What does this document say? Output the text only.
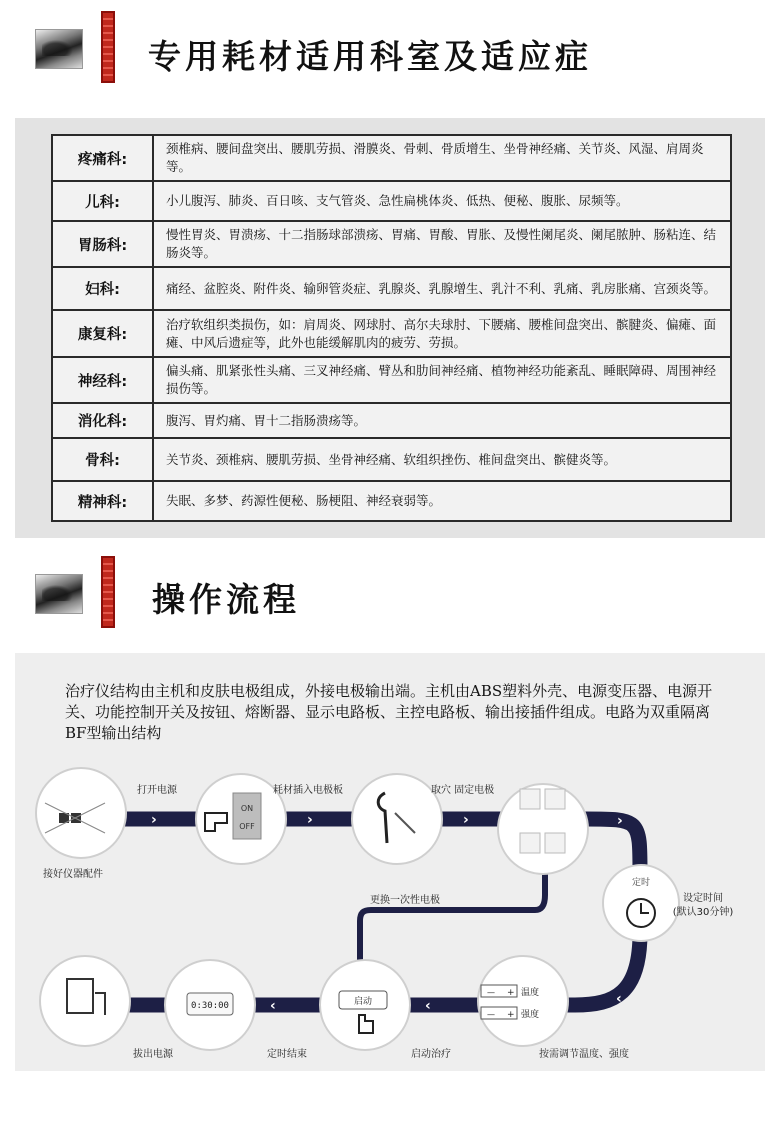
专用耗材适用科室及适应症
疼痛科:	颈椎病、腰间盘突出、腰肌劳损、滑膜炎、骨刺、骨质增生、坐骨神经痛、关节炎、风湿、肩周炎等。
儿科:	小儿腹泻、肺炎、百日咳、支气管炎、急性扁桃体炎、低热、便秘、腹胀、尿频等。
胃肠科:	慢性胃炎、胃溃疡、十二指肠球部溃疡、胃痛、胃酸、胃胀、及慢性阑尾炎、阑尾脓肿、肠粘连、结肠炎等。
妇科:	痛经、盆腔炎、附件炎、输卵管炎症、乳腺炎、乳腺增生、乳汁不利、乳痛、乳房胀痛、宫颈炎等。
康复科:	治疗软组织类损伤，如：肩周炎、网球肘、高尔夫球肘、下腰痛、腰椎间盘突出、髌腱炎、偏瘫、面瘫、中风后遗症等，此外也能缓解肌肉的疲劳、劳损。
神经科:	偏头痛、肌紧张性头痛、三叉神经痛、臂丛和肋间神经痛、植物神经功能紊乱、睡眠障碍、周围神经损伤等。
消化科:	腹泻、胃灼痛、胃十二指肠溃疡等。
骨科:	关节炎、颈椎病、腰肌劳损、坐骨神经痛、软组织挫伤、椎间盘突出、髌健炎等。
精神科:	失眠、多梦、药源性便秘、肠梗阻、神经衰弱等。
操作流程
治疗仪结构由主机和皮肤电极组成，外接电极输出端。主机由ABS塑料外壳、电源变压器、电源开关、功能控制开关及按钮、熔断器、显示电路板、主控电路板、输出接插件组成。电路为双重隔离BF型输出结构
›	›	›	›
‹
‹
‹
接好仪器配件
打开电源
ON
OFF
耗材插入电极板	取穴 固定电极
定时
设定时间
(默认30分钟)
更换一次性电极
— +
— +
温度
强度
按需调节温度、强度
启动
启动治疗
0:30:00
定时结束
拔出电源
